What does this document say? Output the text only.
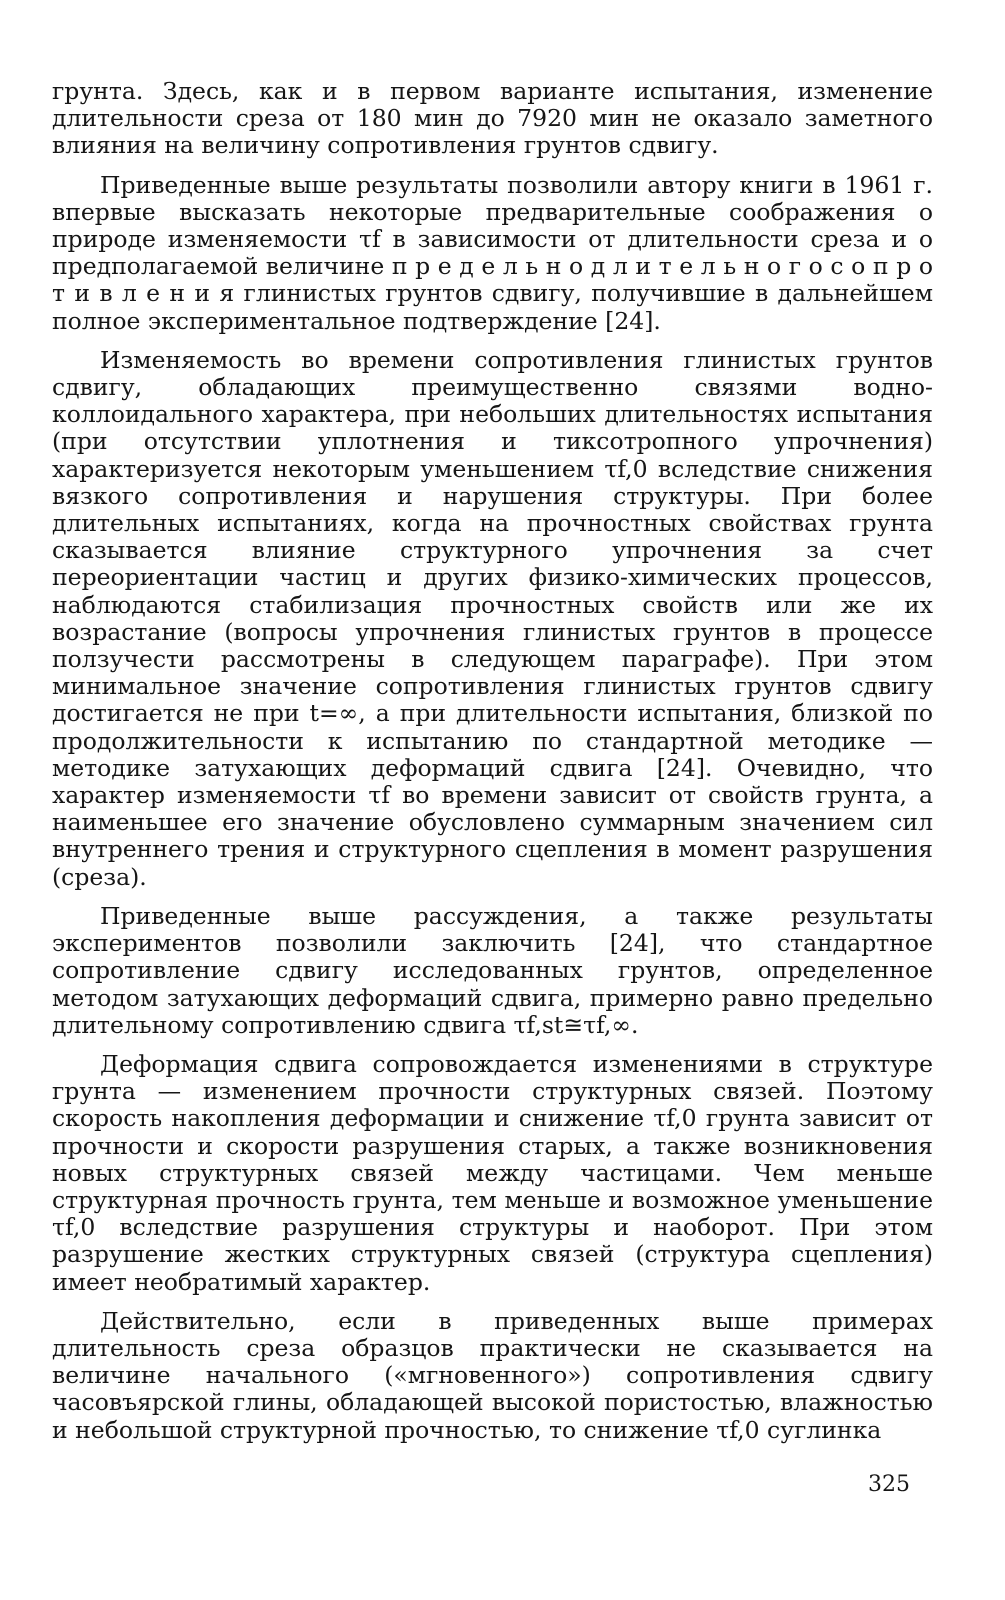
грунта. Здесь, как и в первом варианте испытания, изменение длительности среза от 180 мин до 7920 мин не оказало заметного влияния на величину сопротивления грунтов сдвигу.

Приведенные выше результаты позволили автору книги в 1961 г. впервые высказать некоторые предварительные соображения о природе изменяемости τf в зависимости от длительности среза и о предполагаемой величине п р е д е л ь н о д л и т е л ь н о г о с о п р о т и в л е н и я глинистых грунтов сдвигу, получившие в дальнейшем полное экспериментальное подтверждение [24].

Изменяемость во времени сопротивления глинистых грунтов сдвигу, обладающих преимущественно связями водно-коллоидального характера, при небольших длительностях испытания (при отсутствии уплотнения и тиксотропного упрочнения) характеризуется некоторым уменьшением τf,0 вследствие снижения вязкого сопротивления и нарушения структуры. При более длительных испытаниях, когда на прочностных свойствах грунта сказывается влияние структурного упрочнения за счет переориентации частиц и других физико-химических процессов, наблюдаются стабилизация прочностных свойств или же их возрастание (вопросы упрочнения глинистых грунтов в процессе ползучести рассмотрены в следующем параграфе). При этом минимальное значение сопротивления глинистых грунтов сдвигу достигается не при t=∞, а при длительности испытания, близкой по продолжительности к испытанию по стандартной методике — методике затухающих деформаций сдвига [24]. Очевидно, что характер изменяемости τf во времени зависит от свойств грунта, а наименьшее его значение обусловлено суммарным значением сил внутреннего трения и структурного сцепления в момент разрушения (среза).

Приведенные выше рассуждения, а также результаты экспериментов позволили заключить [24], что стандартное сопротивление сдвигу исследованных грунтов, определенное методом затухающих деформаций сдвига, примерно равно предельно длительному сопротивлению сдвига τf,st≅τf,∞.

Деформация сдвига сопровождается изменениями в структуре грунта — изменением прочности структурных связей. Поэтому скорость накопления деформации и снижение τf,0 грунта зависит от прочности и скорости разрушения старых, а также возникновения новых структурных связей между частицами. Чем меньше структурная прочность грунта, тем меньше и возможное уменьшение τf,0 вследствие разрушения структуры и наоборот. При этом разрушение жестких структурных связей (структура сцепления) имеет необратимый характер.

Действительно, если в приведенных выше примерах длительность среза образцов практически не сказывается на величине начального («мгновенного») сопротивления сдвигу часовъярской глины, обладающей высокой пористостью, влажностью и небольшой структурной прочностью, то снижение τf,0 суглинка

325
